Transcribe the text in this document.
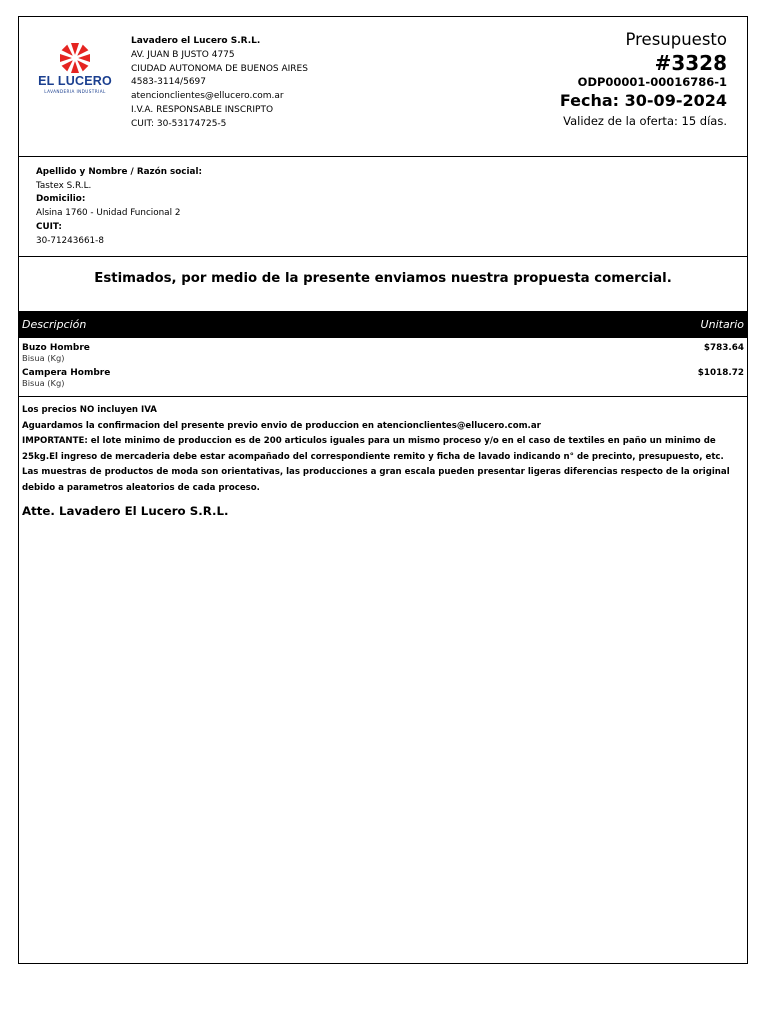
EL LUCERO
LAVANDERIA INDUSTRIAL
Lavadero el Lucero S.R.L.
AV. JUAN B JUSTO 4775
CIUDAD AUTONOMA DE BUENOS AIRES
4583-3114/5697
atencionclientes@ellucero.com.ar
I.V.A. RESPONSABLE INSCRIPTO
CUIT: 30-53174725-5
Presupuesto
#3328
ODP00001-00016786-1
Fecha: 30-09-2024
Validez de la oferta: 15 días.
Apellido y Nombre / Razón social:
Tastex S.R.L.
Domicilio:
Alsina 1760 - Unidad Funcional 2
CUIT:
30-71243661-8
Estimados, por medio de la presente enviamos nuestra propuesta comercial.
Descripción	Unitario
Buzo Hombre
Bisua (Kg)
$783.64
Campera Hombre
Bisua (Kg)
$1018.72

Los precios NO incluyen IVA

Aguardamos la confirmacion del presente previo envio de produccion en atencionclientes@ellucero.com.ar

IMPORTANTE: el lote minimo de produccion es de 200 articulos iguales para un mismo proceso y/o en el caso de textiles en paño un minimo de 25kg.El ingreso de mercaderia debe estar acompañado del correspondiente remito y ficha de lavado indicando n° de precinto, presupuesto, etc.

Las muestras de productos de moda son orientativas, las producciones a gran escala pueden presentar ligeras diferencias respecto de la original debido a parametros aleatorios de cada proceso.

Atte. Lavadero El Lucero S.R.L.
